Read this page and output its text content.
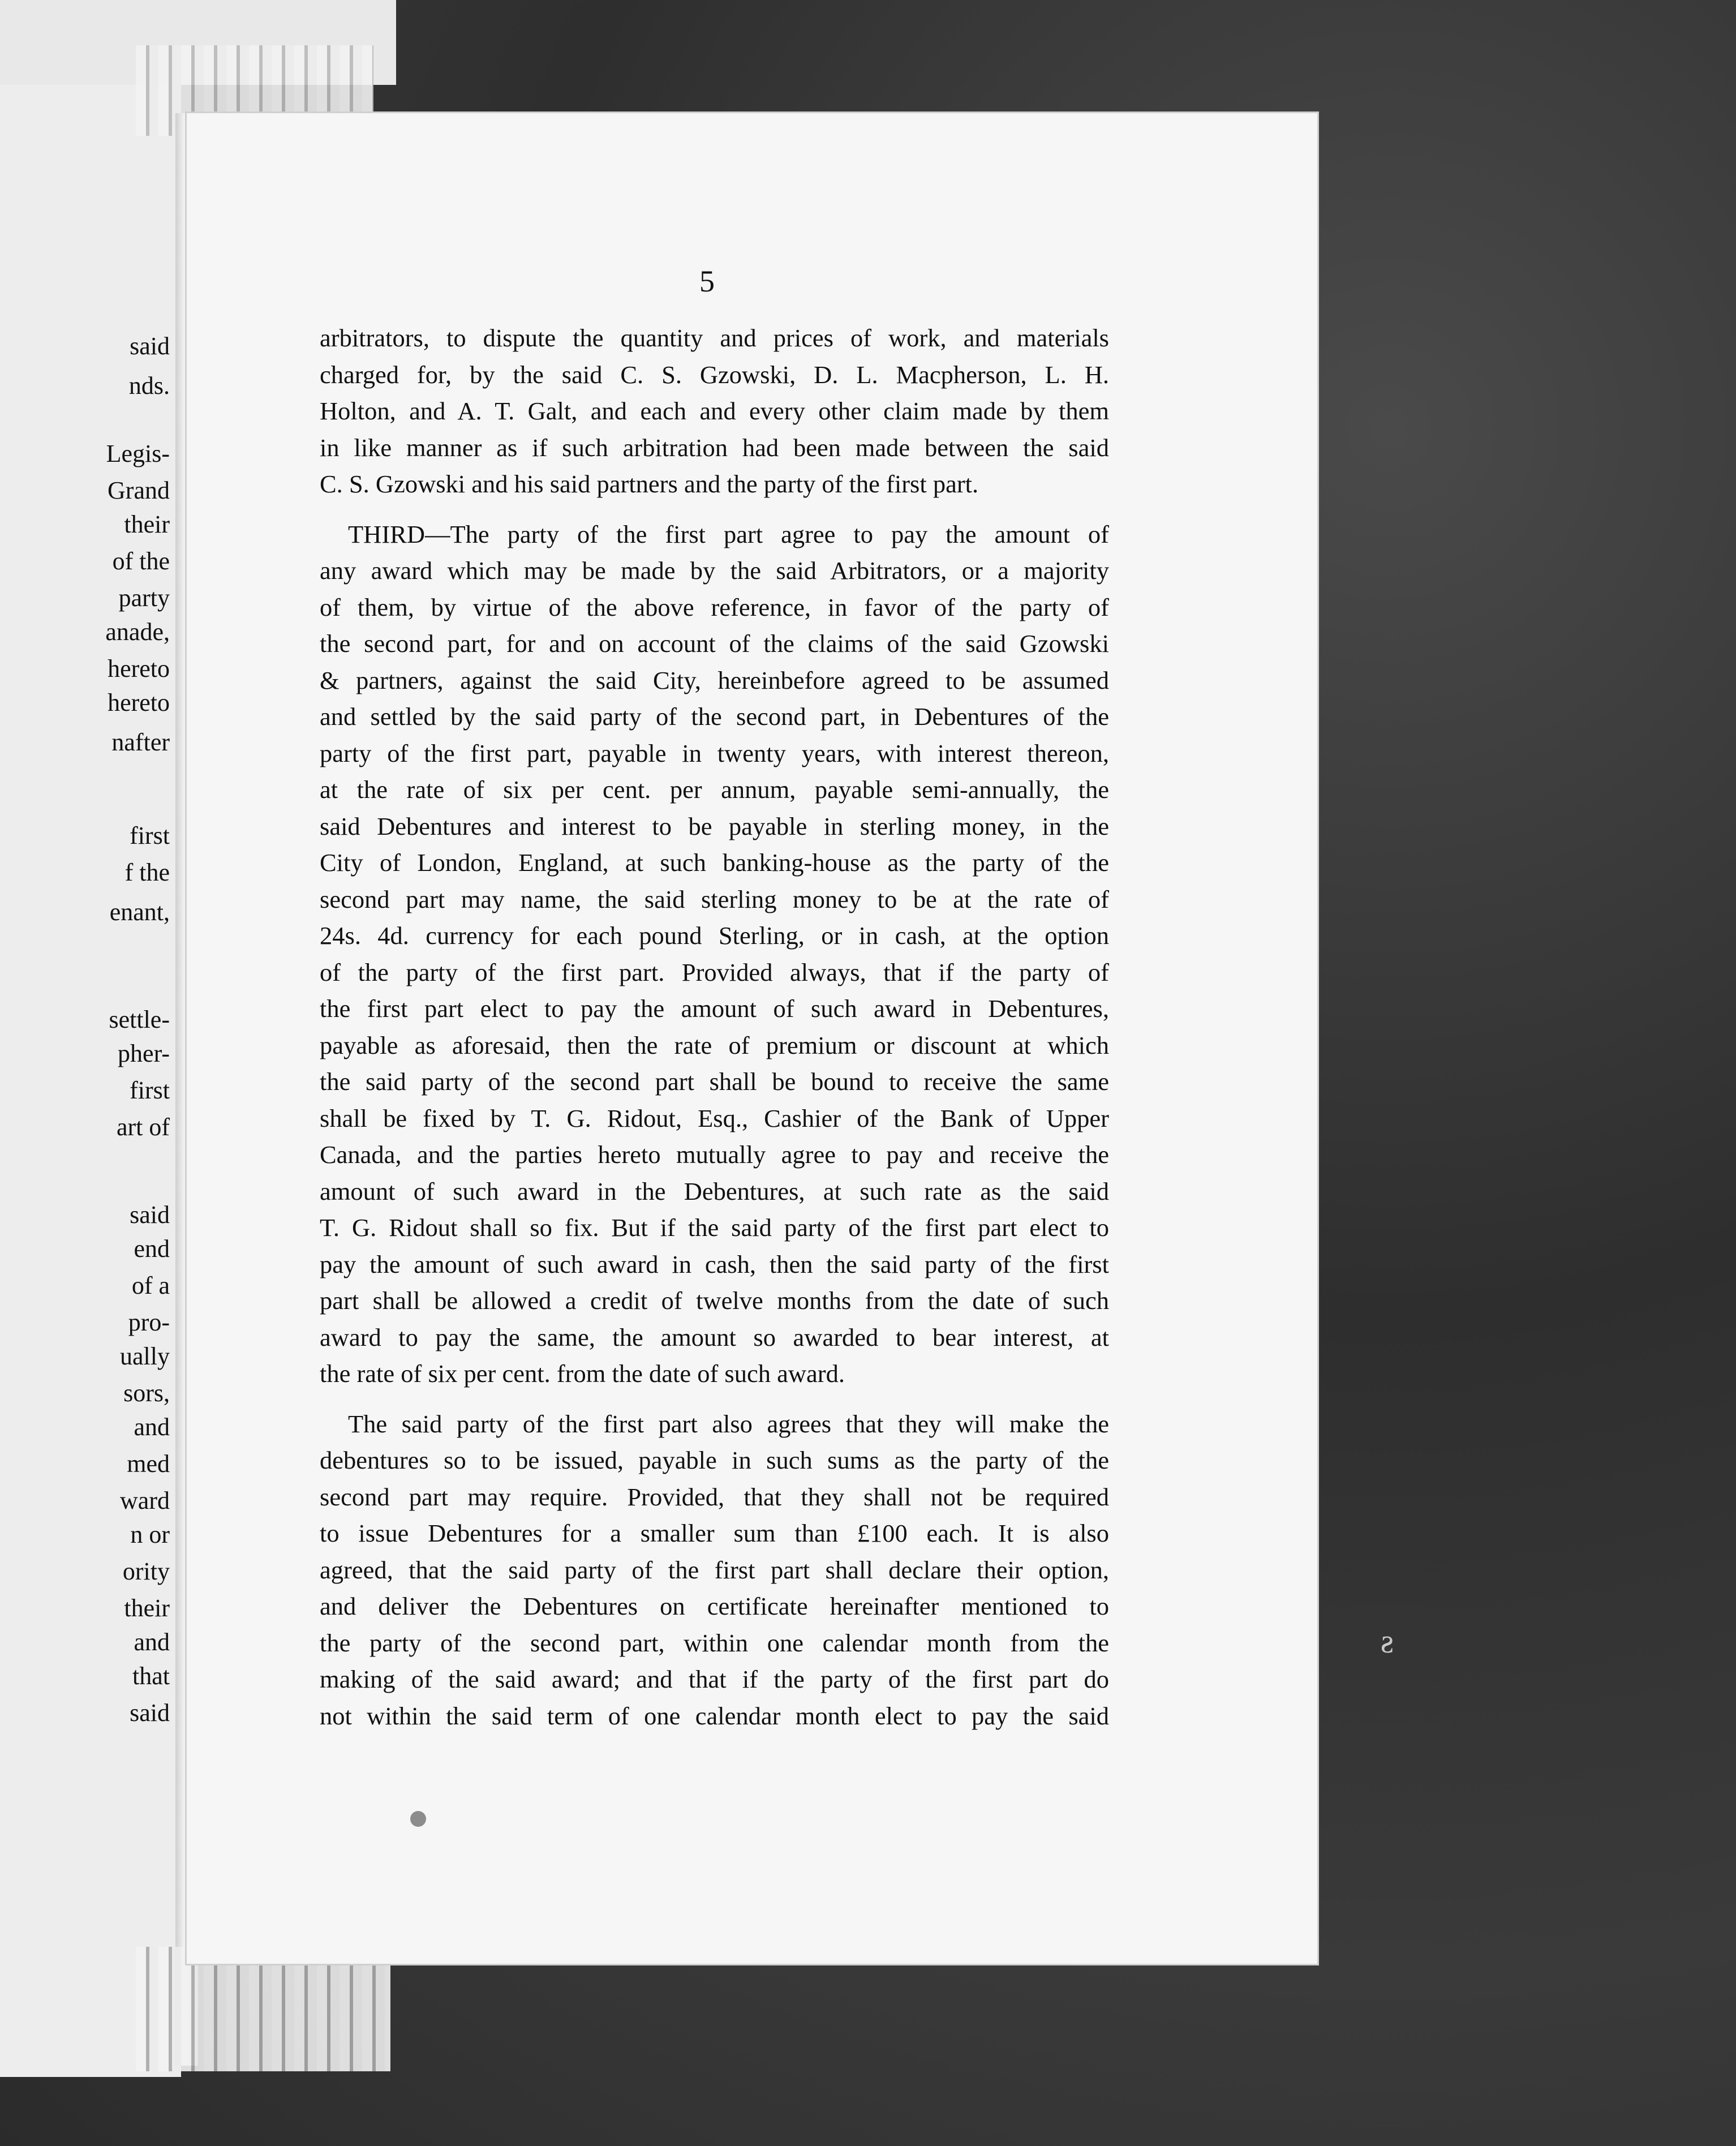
said
nds.
Legis-
Grand
their
of the
party
anade,
hereto
hereto
nafter
first
f the
enant,
settle-
pher-
first
art of
said
end
of a
pro-
ually
sors,
and
med
ward
n or
ority
their
and
that
said
5
arbitrators, to dispute the quantity and prices of work, and materials
charged for, by the said C. S. Gzowski, D. L. Macpherson, L. H.
Holton, and A. T. Galt, and each and every other claim made by them
in like manner as if such arbitration had been made between the said
C. S. Gzowski and his said partners and the party of the first part.
THIRD—The party of the first part agree to pay the amount of
any award which may be made by the said Arbitrators, or a majority
of them, by virtue of the above reference, in favor of the party of
the second part, for and on account of the claims of the said Gzowski
& partners, against the said City, hereinbefore agreed to be assumed
and settled by the said party of the second part, in Debentures of the
party of the first part, payable in twenty years, with interest thereon,
at the rate of six per cent. per annum, payable semi-annually, the
said Debentures and interest to be payable in sterling money, in the
City of London, England, at such banking-house as the party of the
second part may name, the said sterling money to be at the rate of
24s. 4d. currency for each pound Sterling, or in cash, at the option
of the party of the first part. Provided always, that if the party of
the first part elect to pay the amount of such award in Debentures,
payable as aforesaid, then the rate of premium or discount at which
the said party of the second part shall be bound to receive the same
shall be fixed by T. G. Ridout, Esq., Cashier of the Bank of Upper
Canada, and the parties hereto mutually agree to pay and receive the
amount of such award in the Debentures, at such rate as the said
T. G. Ridout shall so fix. But if the said party of the first part elect to
pay the amount of such award in cash, then the said party of the first
part shall be allowed a credit of twelve months from the date of such
award to pay the same, the amount so awarded to bear interest, at
the rate of six per cent. from the date of such award.
The said party of the first part also agrees that they will make the
debentures so to be issued, payable in such sums as the party of the
second part may require. Provided, that they shall not be required
to issue Debentures for a smaller sum than £100 each. It is also
agreed, that the said party of the first part shall declare their option,
and deliver the Debentures on certificate hereinafter mentioned to
the party of the second part, within one calendar month from the
making of the said award; and that if the party of the first part do
not within the said term of one calendar month elect to pay the said
ƨ
